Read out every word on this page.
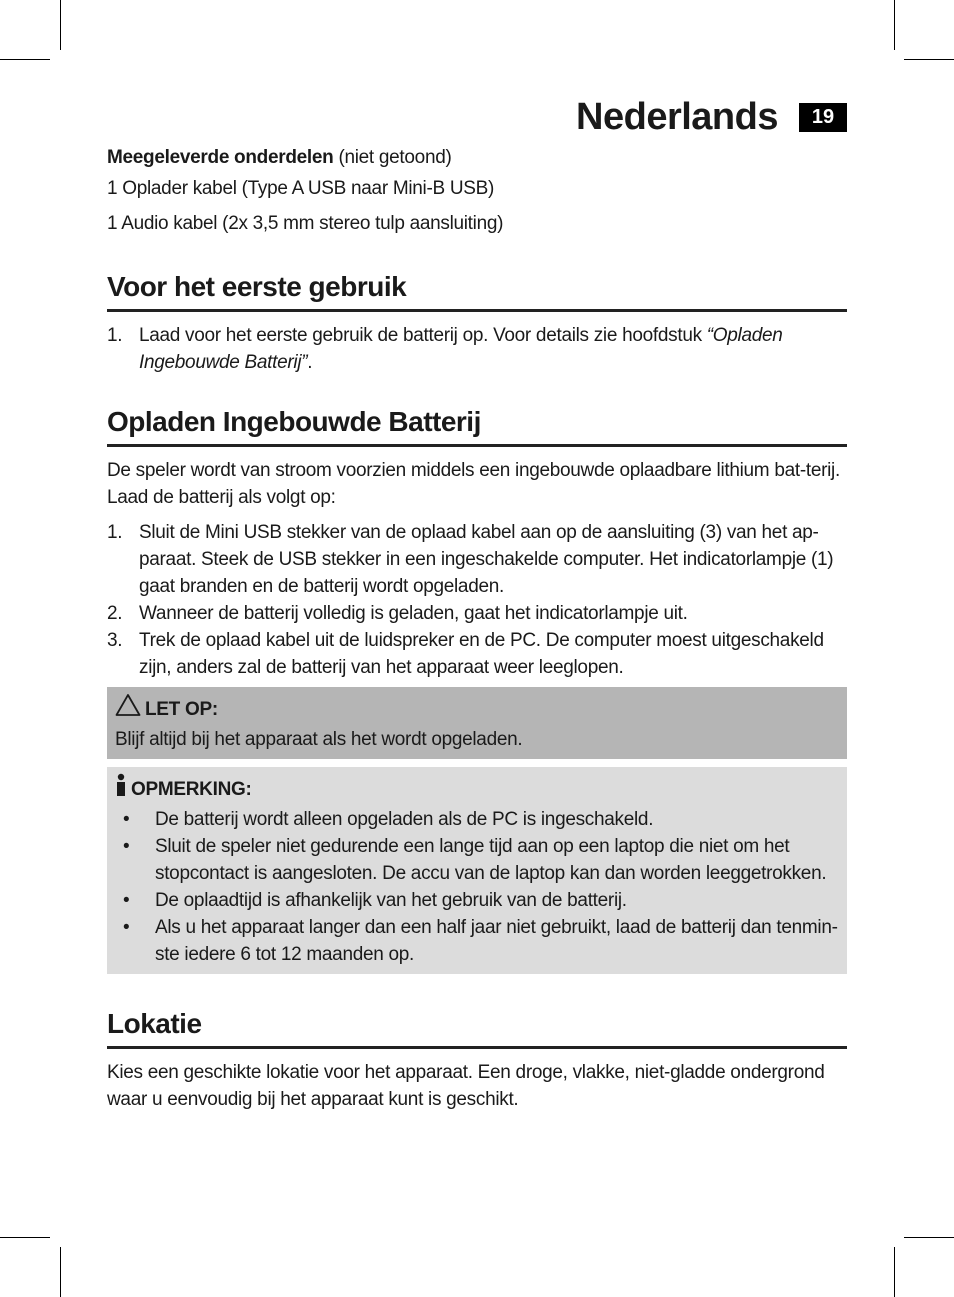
Nederlands	19

Meegeleverde onderdelen (niet getoond)

1 Oplader kabel (Type A USB naar Mini-B USB)

1 Audio kabel (2x 3,5 mm stereo tulp aansluiting)

Voor het eerste gebruik
1. Laad voor het eerste gebruik de batterij op. Voor details zie hoofdstuk “Opladen Ingebouwde Batterij”.
Opladen Ingebouwde Batterij

De speler wordt van stroom voorzien middels een ingebouwde oplaadbare lithium bat-terij. Laad de batterij als volgt op:

1. Sluit de Mini USB stekker van de oplaad kabel aan op de aansluiting (3) van het ap-paraat. Steek de USB stekker in een ingeschakelde computer. Het indicatorlampje (1) gaat branden en de batterij wordt opgeladen.
2. Wanneer de batterij volledig is geladen, gaat het indicatorlampje uit.
3. Trek de oplaad kabel uit de luidspreker en de PC. De computer moest uitgeschakeld zijn, anders zal de batterij van het apparaat weer leeglopen.
LET OP:
Blijf altijd bij het apparaat als het wordt opgeladen.
OPMERKING:
• De batterij wordt alleen opgeladen als de PC is ingeschakeld.
• Sluit de speler niet gedurende een lange tijd aan op een laptop die niet om het stopcontact is aangesloten. De accu van de laptop kan dan worden leeggetrokken.
• De oplaadtijd is afhankelijk van het gebruik van de batterij.
• Als u het apparaat langer dan een half jaar niet gebruikt, laad de batterij dan tenmin-ste iedere 6 tot 12 maanden op.
Lokatie

Kies een geschikte lokatie voor het apparaat. Een droge, vlakke, niet-gladde ondergrond waar u eenvoudig bij het apparaat kunt is geschikt.
